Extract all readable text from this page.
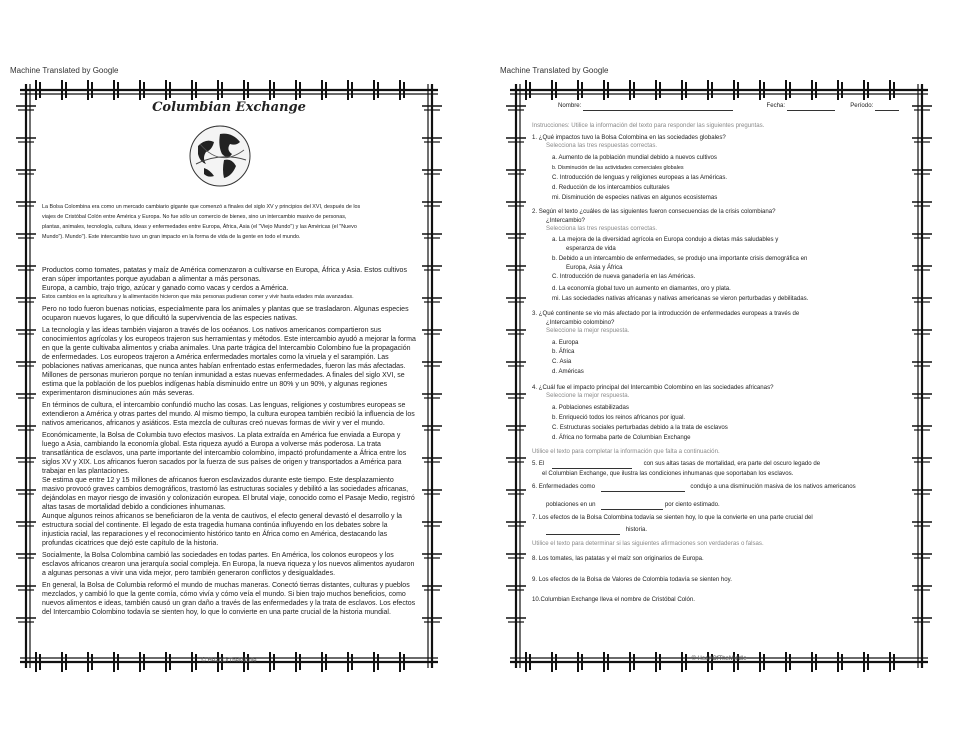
Machine Translated by Google	Machine Translated by Google
Columbian Exchange
La Bolsa Colombina era como un mercado cambiario gigante que comenzó a finales del siglo XV y principios del XVI, después de los
viajes de Cristóbal Colón entre América y Europa. No fue sólo un comercio de bienes, sino un intercambio masivo de personas,
plantas, animales, tecnología, cultura, ideas y enfermedades entre Europa, África, Asia (el "Viejo Mundo") y las Américas (el "Nuevo
Mundo"). Mundo"). Este intercambio tuvo un gran impacto en la forma de vida de la gente en todo el mundo.

Productos como tomates, patatas y maíz de América comenzaron a cultivarse en Europa, África y Asia. Estos cultivos eran súper importantes porque ayudaban a alimentar a más personas.

Europa, a cambio, trajo trigo, azúcar y ganado como vacas y cerdos a América.

Estos cambios en la agricultura y la alimentación hicieron que más personas pudieran comer y vivir hasta edades más avanzadas.

Pero no todo fueron buenas noticias, especialmente para los animales y plantas que se trasladaron. Algunas especies ocuparon nuevos lugares, lo que dificultó la supervivencia de las especies nativas.

La tecnología y las ideas también viajaron a través de los océanos. Los nativos americanos compartieron sus conocimientos agrícolas y los europeos trajeron sus herramientas y métodos. Este intercambio ayudó a mejorar la forma en que la gente cultivaba alimentos y criaba animales. Una parte trágica del Intercambio Colombino fue la propagación de enfermedades. Los europeos trajeron a América enfermedades mortales como la viruela y el sarampión. Las poblaciones nativas americanas, que nunca antes habían enfrentado estas enfermedades, fueron las más afectadas. Millones de personas murieron porque no tenían inmunidad a estas nuevas enfermedades. A finales del siglo XVI, se estima que la población de los pueblos indígenas había disminuido entre un 80% y un 90%, y algunas regiones experimentaron disminuciones aún más severas.

En términos de cultura, el intercambio confundió mucho las cosas. Las lenguas, religiones y costumbres europeas se extendieron a América y otras partes del mundo. Al mismo tiempo, la cultura europea también recibió la influencia de los nativos americanos, africanos y asiáticos. Esta mezcla de culturas creó nuevas formas de vivir y ver el mundo.

Económicamente, la Bolsa de Columbia tuvo efectos masivos. La plata extraída en América fue enviada a Europa y luego a Asia, cambiando la economía global. Esta riqueza ayudó a Europa a volverse más poderosa. La trata transatlántica de esclavos, una parte importante del intercambio colombino, impactó profundamente a África entre los siglos XV y XIX. Los africanos fueron sacados por la fuerza de sus países de origen y transportados a América para trabajar en las plantaciones.

Se estima que entre 12 y 15 millones de africanos fueron esclavizados durante este tiempo. Este desplazamiento masivo provocó graves cambios demográficos, trastornó las estructuras sociales y debilitó a las sociedades africanas, dejándolas en mayor riesgo de invasión y colonización europea. El brutal viaje, conocido como el Pasaje Medio, registró altas tasas de mortalidad debido a condiciones inhumanas.

Aunque algunos reinos africanos se beneficiaron de la venta de cautivos, el efecto general devastó el desarrollo y la estructura social del continente. El legado de esta tragedia humana continúa influyendo en los debates sobre la injusticia racial, las reparaciones y el reconocimiento histórico tanto en África como en América, destacando las profundas cicatrices que dejó este capítulo de la historia.

Socialmente, la Bolsa Colombina cambió las sociedades en todas partes. En América, los colonos europeos y los esclavos africanos crearon una jerarquía social compleja. En Europa, la nueva riqueza y los nuevos alimentos ayudaron a algunas personas a vivir una vida mejor, pero también generaron conflictos y desigualdades.

En general, la Bolsa de Columbia reformó el mundo de muchas maneras. Conectó tierras distantes, culturas y pueblos mezclados, y cambió lo que la gente comía, cómo vivía y cómo veía el mundo. Si bien trajo muchos beneficios, como nuevos alimentos e ideas, también causó un gran daño a través de las enfermedades y la trata de esclavos. Los efectos del Intercambio Colombino todavía se sienten hoy, lo que lo convierte en una parte crucial de la historia mundial.

© HeartOfTheMiddle
Nombre:	Fecha:	Período:
Instrucciones: Utilice la información del texto para responder las siguientes preguntas.
1. ¿Qué impactos tuvo la Bolsa Colombina en las sociedades globales?
Selecciona las tres respuestas correctas.
a. Aumento de la población mundial debido a nuevos cultivos
b. Disminución de las actividades comerciales globales
C. Introducción de lenguas y religiones europeas a las Américas.
d. Reducción de los intercambios culturales
mi. Disminución de especies nativas en algunos ecosistemas
2. Según el texto ¿cuáles de las siguientes fueron consecuencias de la crisis colombiana?
¿Intercambio?
Selecciona las tres respuestas correctas.
a. La mejora de la diversidad agrícola en Europa condujo a dietas más saludables y
esperanza de vida
b. Debido a un intercambio de enfermedades, se produjo una importante crisis demográfica en
Europa, Asia y África
C. Introducción de nueva ganadería en las Américas.
d. La economía global tuvo un aumento en diamantes, oro y plata.
mi. Las sociedades nativas africanas y nativas americanas se vieron perturbadas y debilitadas.
3. ¿Qué continente se vio más afectado por la introducción de enfermedades europeas a través de
¿Intercambio colombino?
Seleccione la mejor respuesta.
a. Europa
b. África
C. Asia
d. Américas
4. ¿Cuál fue el impacto principal del Intercambio Colombino en las sociedades africanas?
Seleccione la mejor respuesta.
a. Poblaciones estabilizadas
b. Enriqueció todos los reinos africanos por igual.
C. Estructuras sociales perturbadas debido a la trata de esclavos
d. África no formaba parte de Columbian Exchange
Utilice el texto para completar la información que falta a continuación.
5. El	con sus altas tasas de mortalidad, era parte del oscuro legado de
el Columbian Exchange, que ilustra las condiciones inhumanas que soportaban los esclavos.
6. Enfermedades como	condujo a una disminución masiva de los nativos americanos
poblaciones en un	por ciento estimado.
7. Los efectos de la Bolsa Colombina todavía se sienten hoy, lo que la convierte en una parte crucial del
historia.
Utilice el texto para determinar si las siguientes afirmaciones son verdaderas o falsas.
8. Los tomates, las patatas y el maíz son originarios de Europa.
9. Los efectos de la Bolsa de Valores de Colombia todavía se sienten hoy.
10.Columbian Exchange lleva el nombre de Cristóbal Colón.
© HeartOfTheMiddle
